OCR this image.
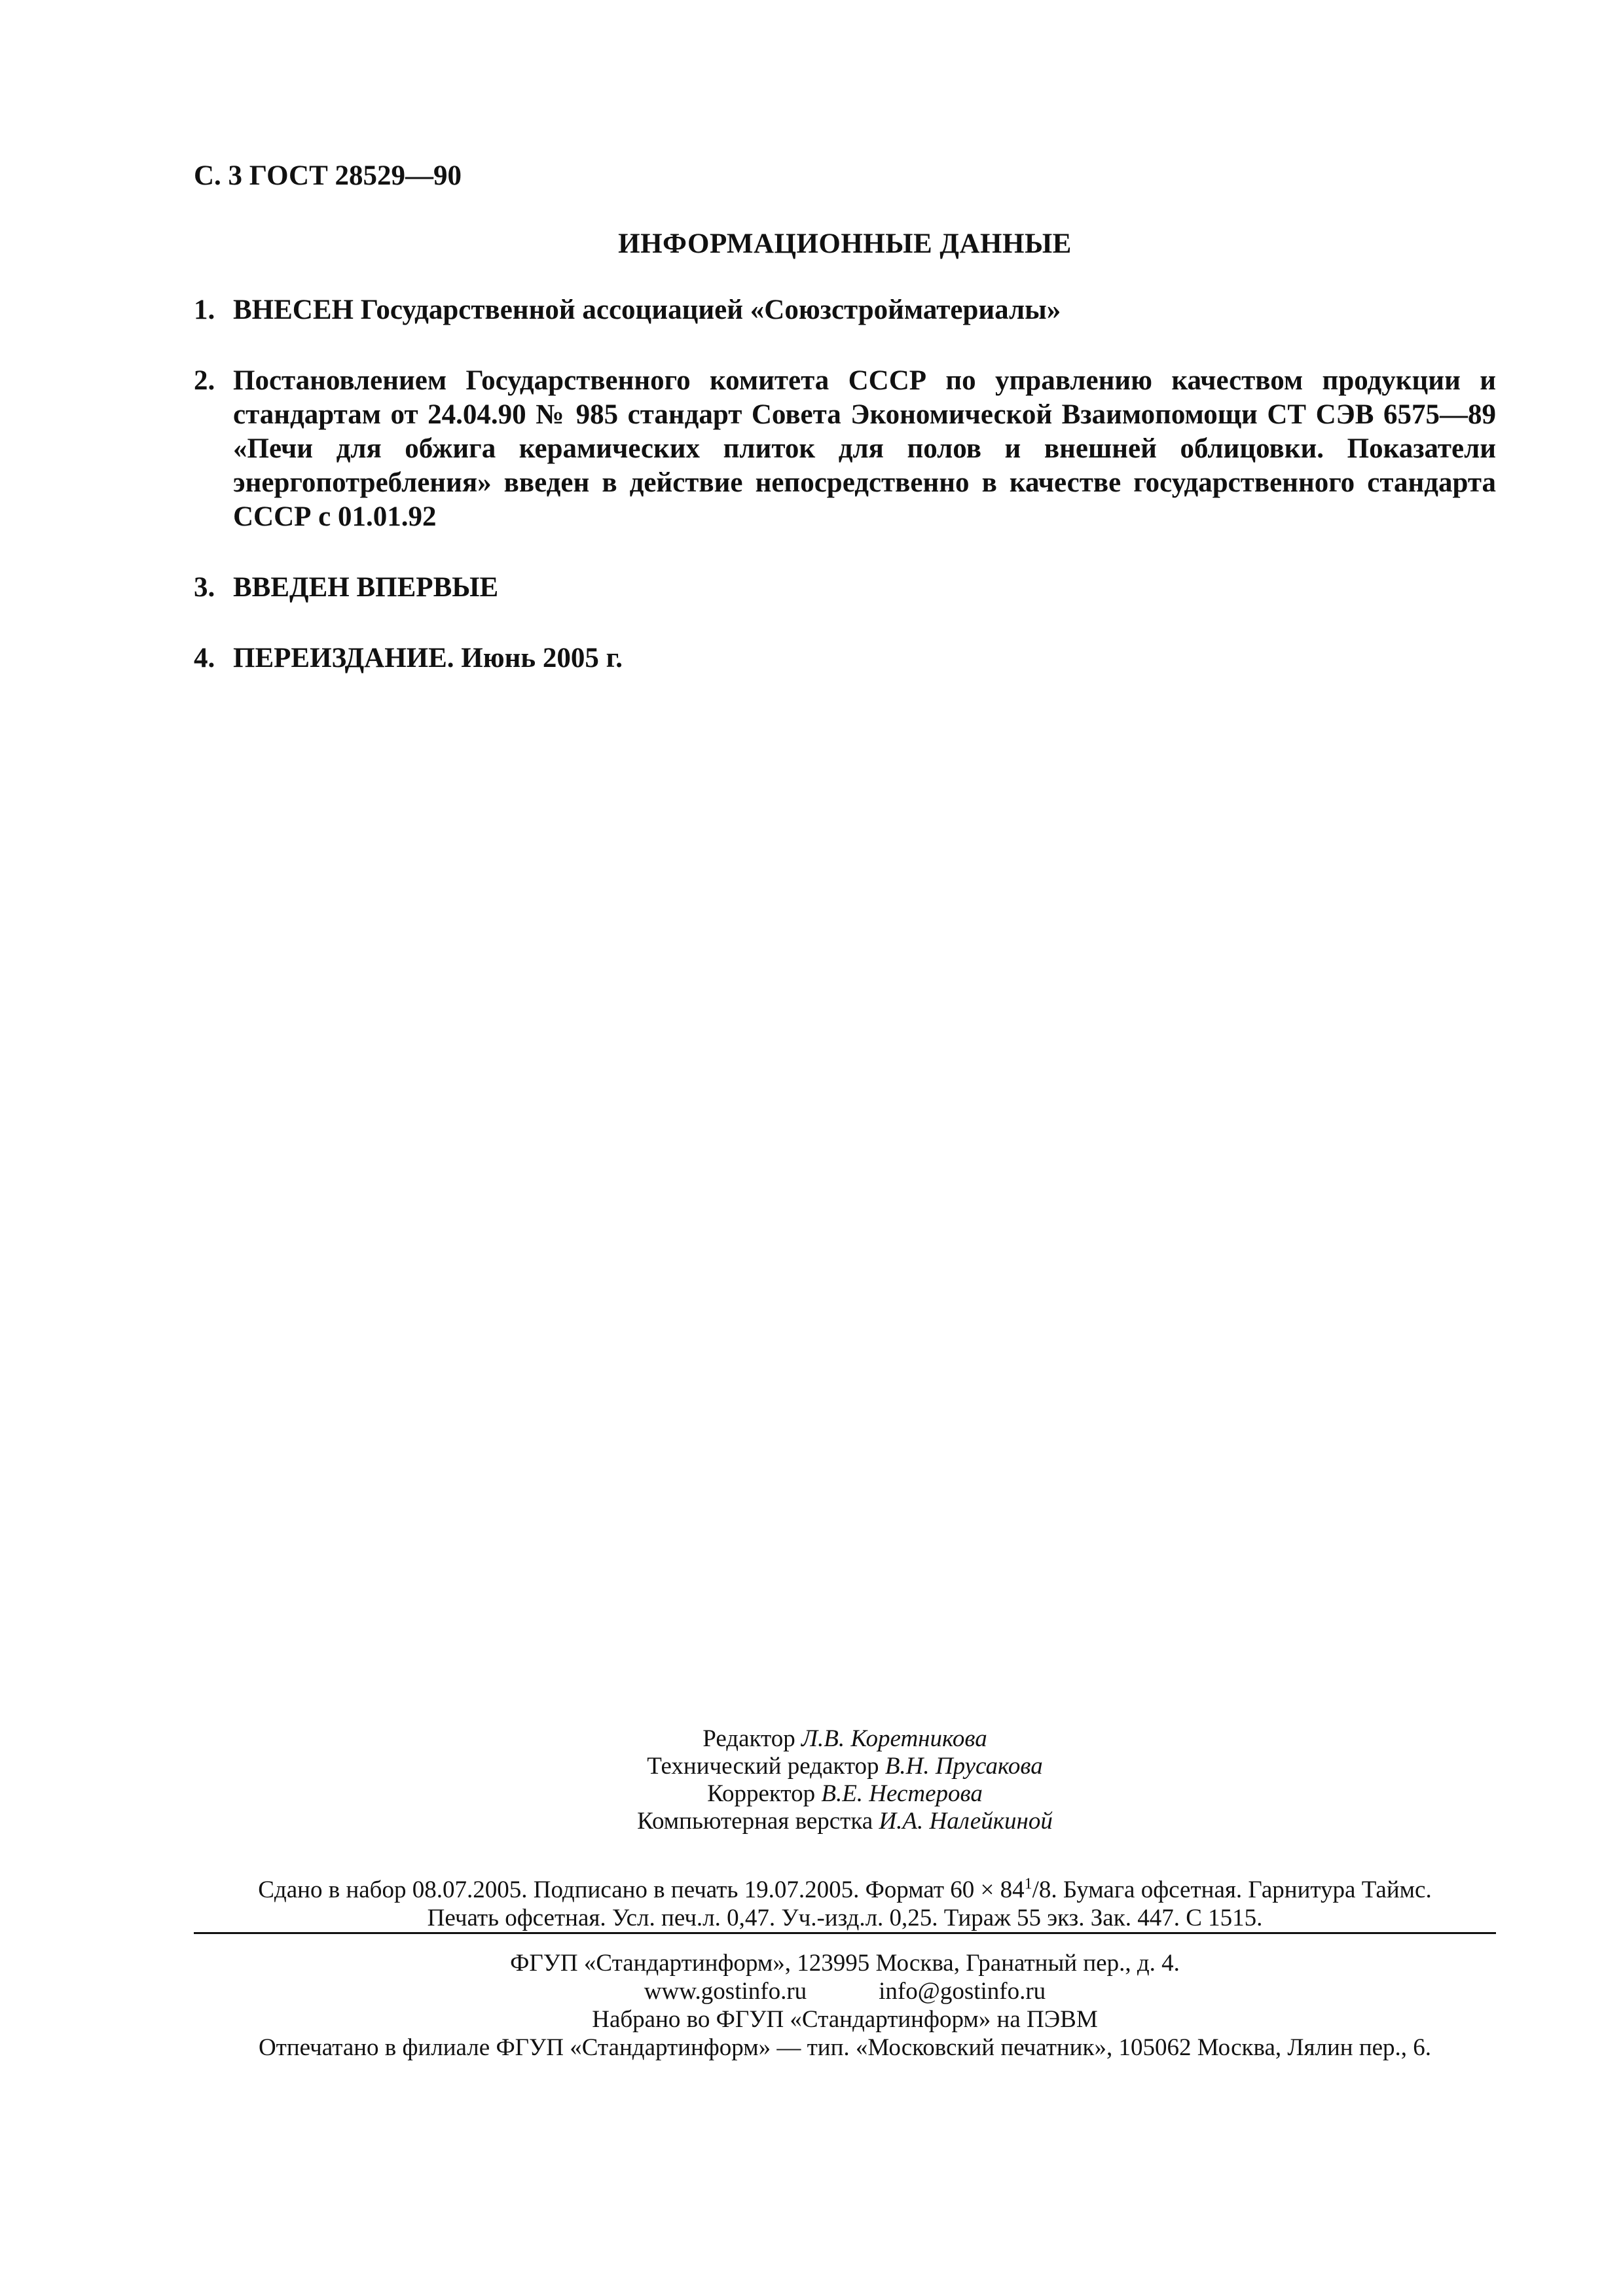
С. 3 ГОСТ 28529—90
ИНФОРМАЦИОННЫЕ ДАННЫЕ
1. ВНЕСЕН Государственной ассоциацией «Союзстройматериалы»
2. Постановлением Государственного комитета СССР по управлению качеством продукции и стандартам от 24.04.90 № 985 стандарт Совета Экономической Взаимопомощи СТ СЭВ 6575—89 «Печи для обжига керамических плиток для полов и внешней облицовки. Показатели энергопотребления» введен в действие непосредственно в качестве государственного стандарта СССР с 01.01.92
3. ВВЕДЕН ВПЕРВЫЕ
4. ПЕРЕИЗДАНИЕ. Июнь 2005 г.
Редактор Л.В. Коретникова
Технический редактор В.Н. Прусакова
Корректор В.Е. Нестерова
Компьютерная верстка И.А. Налейкиной
Сдано в набор 08.07.2005. Подписано в печать 19.07.2005. Формат $60 \times 84^1/8$. Бумага офсетная. Гарнитура Таймс.
Печать офсетная. Усл. печ.л. 0,47. Уч.-изд.л. 0,25. Тираж 55 экз. Зак. 447. С 1515.
ФГУП «Стандартинформ», 123995 Москва, Гранатный пер., д. 4.
www.gostinfo.ru	info@gostinfo.ru
Набрано во ФГУП «Стандартинформ» на ПЭВМ
Отпечатано в филиале ФГУП «Стандартинформ» — тип. «Московский печатник», 105062 Москва, Лялин пер., 6.
